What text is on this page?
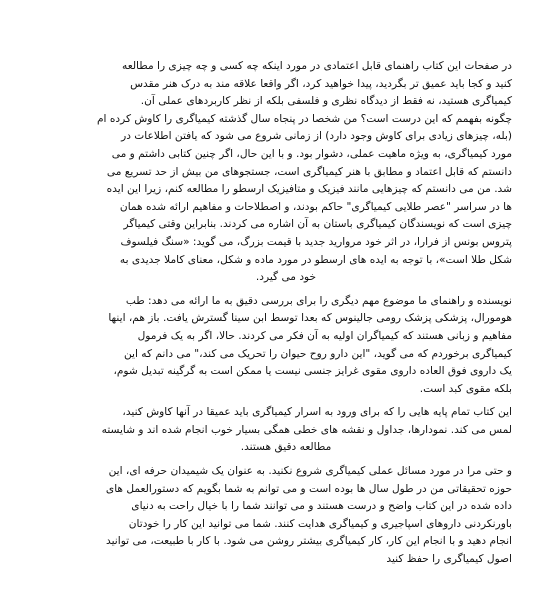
در صفحات این کتاب راهنمای قابل اعتمادی در مورد اینکه چه کسی و چه چیزی را مطالعه
کنید و کجا باید عمیق تر بگردید، پیدا خواهید کرد، اگر واقعا علاقه مند به درک هنر مقدس
کیمیاگری هستید، نه فقط از دیدگاه نظری و فلسفی بلکه از نظر کاربردهای عملی آن.
چگونه بفهمم که این درست است؟ من شخصا در پنجاه سال گذشته کیمیاگری را کاوش کرده ام
(بله، چیزهای زیادی برای کاوش وجود دارد) از زمانی شروع می شود که یافتن اطلاعات در
مورد کیمیاگری، به ویژه ماهیت عملی، دشوار بود. و با این حال، اگر چنین کتابی داشتم و می
دانستم که قابل اعتماد و مطابق با هنر کیمیاگری است، جستجوهای من بیش از حد تسریع می
شد. من می دانستم که چیزهایی مانند فیزیک و متافیزیک ارسطو را مطالعه کنم، زیرا این ایده
ها در سراسر "عصر طلایی کیمیاگری" حاکم بودند، و اصطلاحات و مفاهیم ارائه شده همان
چیزی است که نویسندگان کیمیاگری باستان به آن اشاره می کردند. بنابراین وقتی کیمیاگر
پتروس بونس از فرارا، در اثر خود مروارید جدید با قیمت بزرگ، می گوید: «سنگ فیلسوف
شکل طلا است»، با توجه به ایده های ارسطو در مورد ماده و شکل، معنای کاملا جدیدی به
خود می گیرد.
نویسنده و راهنمای ما موضوع مهم دیگری را برای بررسی دقیق به ما ارائه می دهد: طب
هومورال، پزشکی پزشک رومی جالینوس که بعدا توسط ابن سینا گسترش یافت. باز هم، اینها
مفاهیم و زبانی هستند که کیمیاگران اولیه به آن فکر می کردند. حالا، اگر به یک فرمول
کیمیاگری برخوردم که می گوید، "این دارو روح حیوان را تحریک می کند،" می دانم که این
یک داروی فوق العاده داروی مقوی غرایز جنسی نیست یا ممکن است به گرگینه تبدیل شوم،
بلکه مقوی کبد است.
این کتاب تمام پایه هایی را که برای ورود به اسرار کیمیاگری باید عمیقا در آنها کاوش کنید،
لمس می کند. نمودارها، جداول و نقشه های خطی همگی بسیار خوب انجام شده اند و شایسته
مطالعه دقیق هستند.
و حتی مرا در مورد مسائل عملی کیمیاگری شروع نکنید. به عنوان یک شیمیدان حرفه ای، این
حوزه تحقیقاتی من در طول سال ها بوده است و می توانم به شما بگویم که دستورالعمل های
داده شده در این کتاب واضح و درست هستند و می توانند شما را با خیال راحت به دنیای
باورنکردنی داروهای اسپاجیری و کیمیاگری هدایت کنند. شما می توانید این کار را خودتان
انجام دهید و با انجام این کار، کار کیمیاگری بیشتر روشن می شود. با کار با طبیعت، می توانید
اصول کیمیاگری را حفظ کنید
